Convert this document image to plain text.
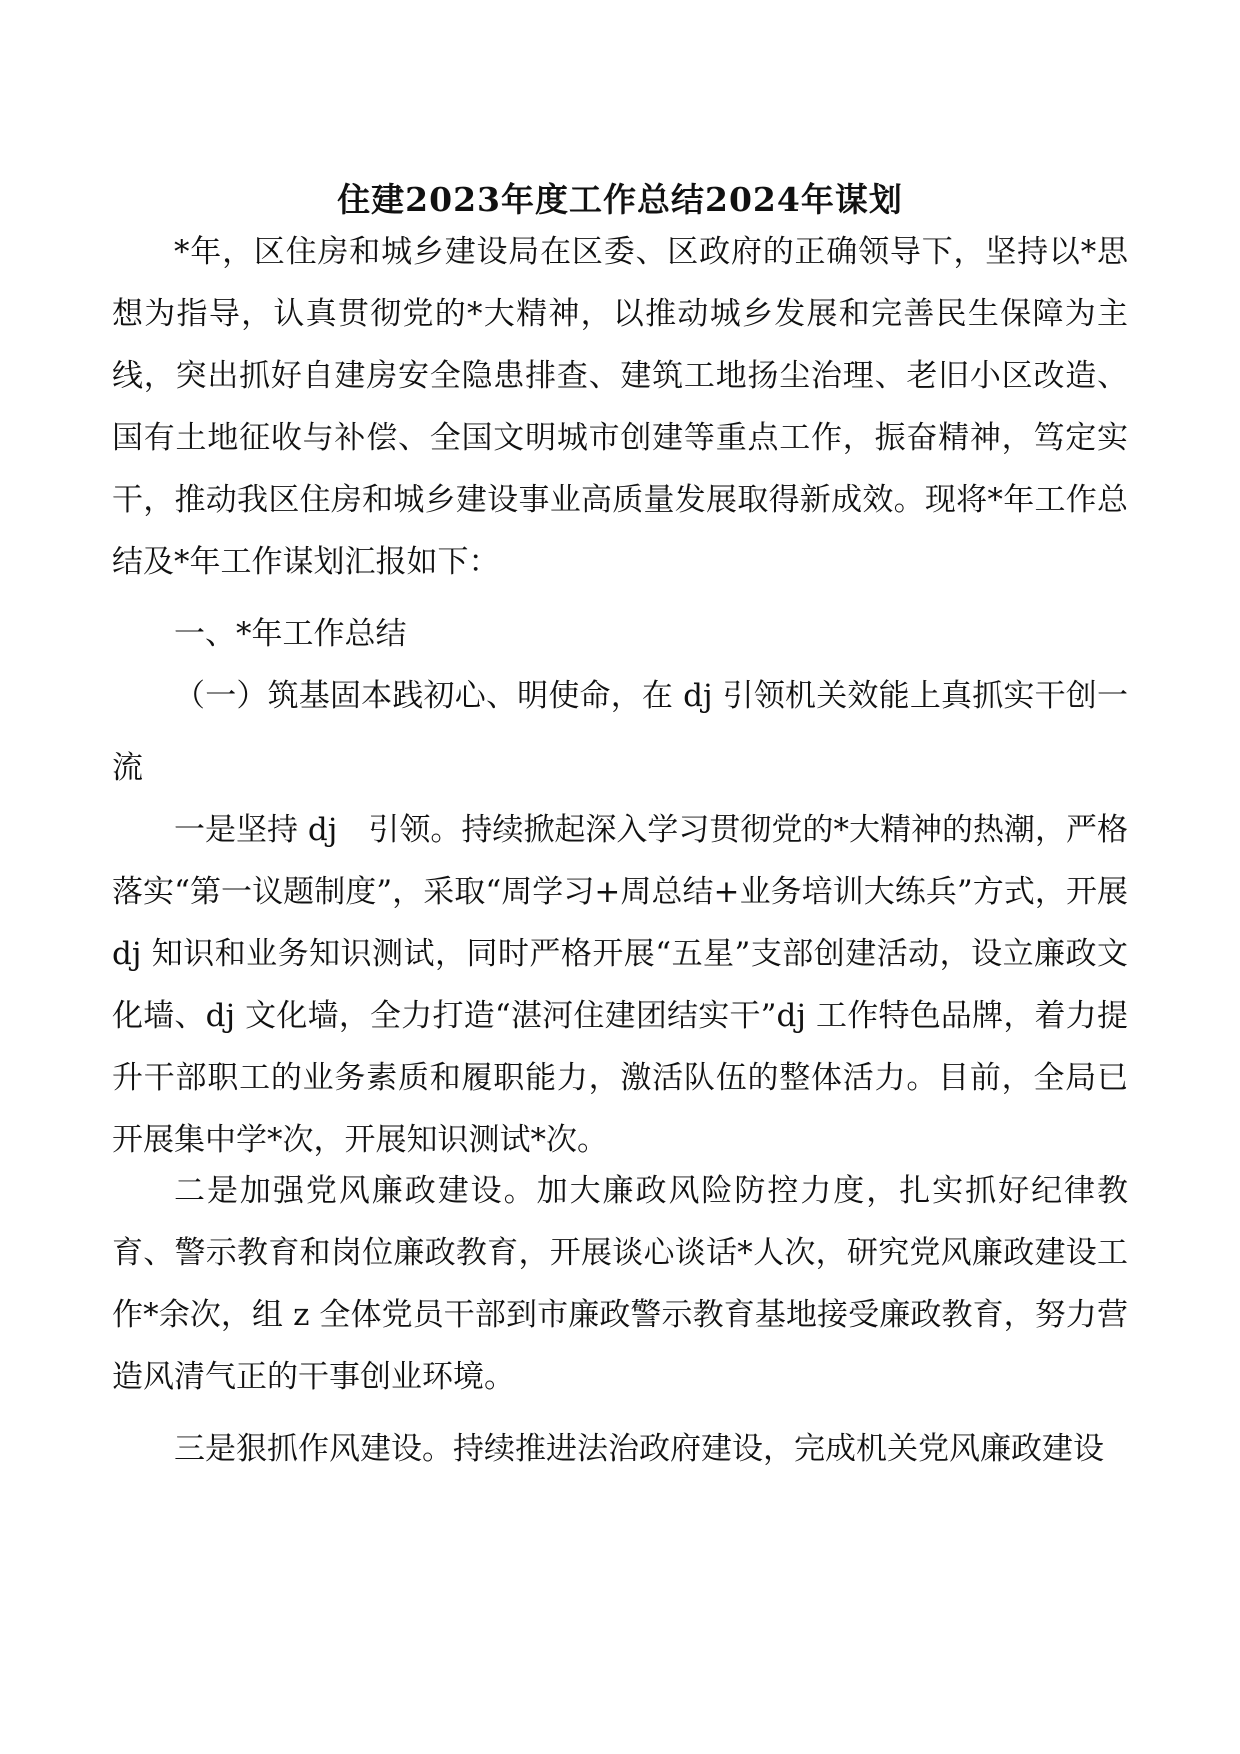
住建2023年度工作总结2024年谋划

*年，区住房和城乡建设局在区委、区政府的正确领导下，坚持以*思想为指导，认真贯彻党的*大精神，以推动城乡发展和完善民生保障为主线，突出抓好自建房安全隐患排查、建筑工地扬尘治理、老旧小区改造、国有土地征收与补偿、全国文明城市创建等重点工作，振奋精神，笃定实干，推动我区住房和城乡建设事业高质量发展取得新成效。现将*年工作总结及*年工作谋划汇报如下：

一、*年工作总结

（一）筑基固本践初心、明使命，在 dj 引领机关效能上真抓实干创一流

一是坚持 dj　引领。持续掀起深入学习贯彻党的*大精神的热潮，严格落实“第一议题制度”，采取“周学习+周总结+业务培训大练兵”方式，开展dj 知识和业务知识测试，同时严格开展“五星”支部创建活动，设立廉政文化墙、dj 文化墙，全力打造“湛河住建团结实干”dj 工作特色品牌，着力提升干部职工的业务素质和履职能力，激活队伍的整体活力。目前，全局已开展集中学*次，开展知识测试*次。

二是加强党风廉政建设。加大廉政风险防控力度，扎实抓好纪律教育、警示教育和岗位廉政教育，开展谈心谈话*人次，研究党风廉政建设工作*余次，组 z 全体党员干部到市廉政警示教育基地接受廉政教育，努力营造风清气正的干事创业环境。

三是狠抓作风建设。持续推进法治政府建设，完成机关党风廉政建设
